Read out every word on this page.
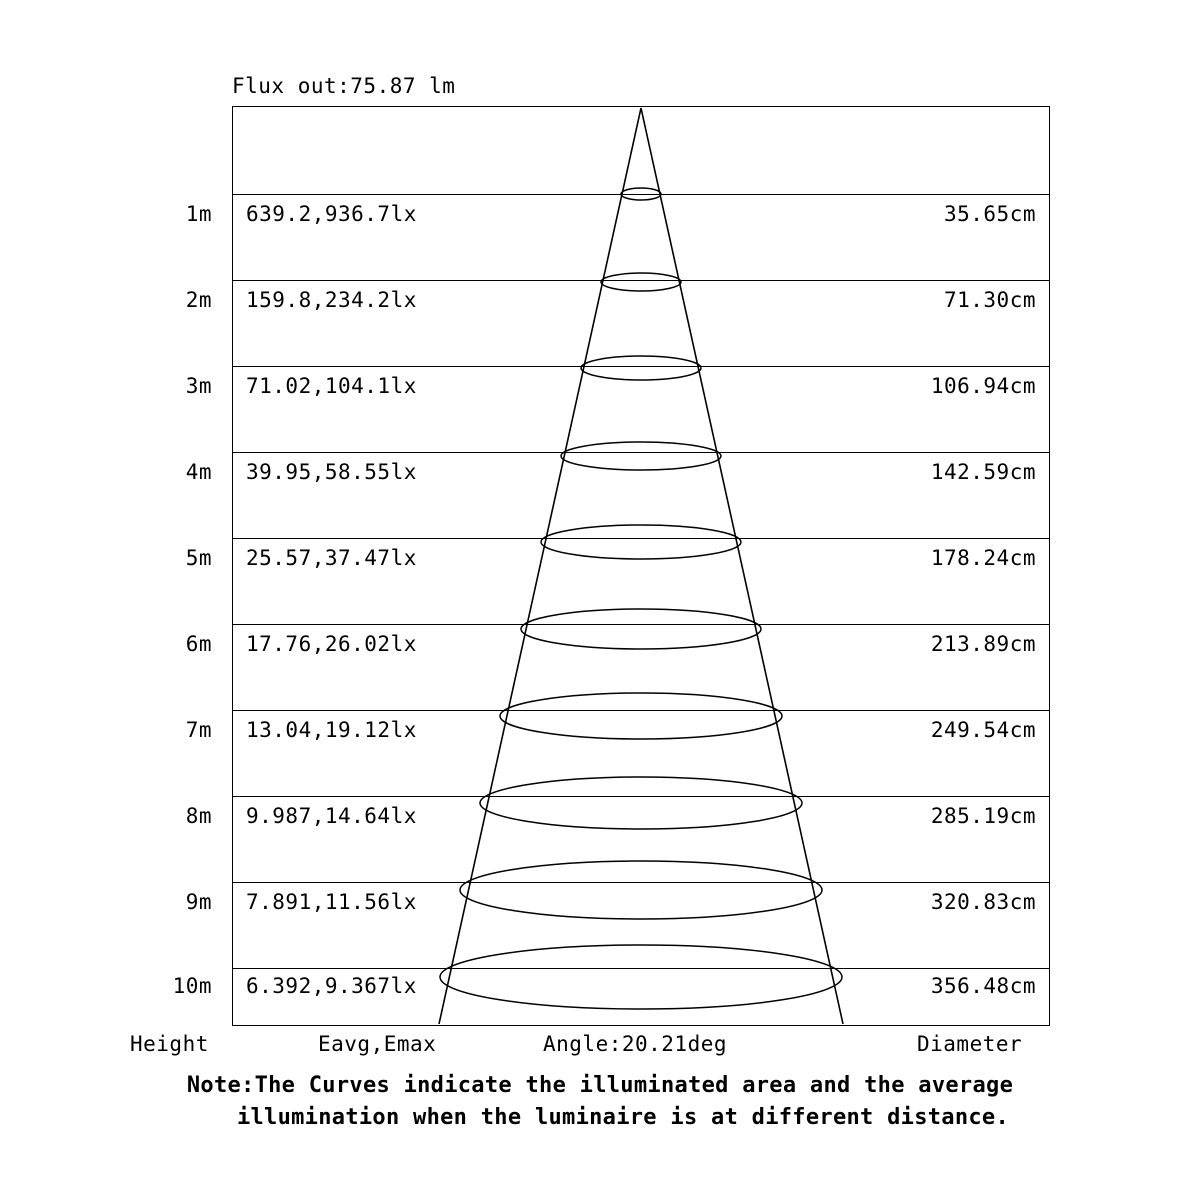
Flux out:75.87 lm
1m 639.2,936.7lx	35.65cm
2m 159.8,234.2lx	71.30cm
3m 71.02,104.1lx	106.94cm
4m 39.95,58.55lx	142.59cm
5m 25.57,37.47lx	178.24cm
6m 17.76,26.02lx	213.89cm
7m 13.04,19.12lx	249.54cm
8m 9.987,14.64lx	285.19cm
9m 7.891,11.56lx	320.83cm
10m 6.392,9.367lx	356.48cm
Height	Eavg,Emax	Angle:20.21deg	Diameter
Note:The Curves indicate the illuminated area and the average
illumination when the luminaire is at different distance.
